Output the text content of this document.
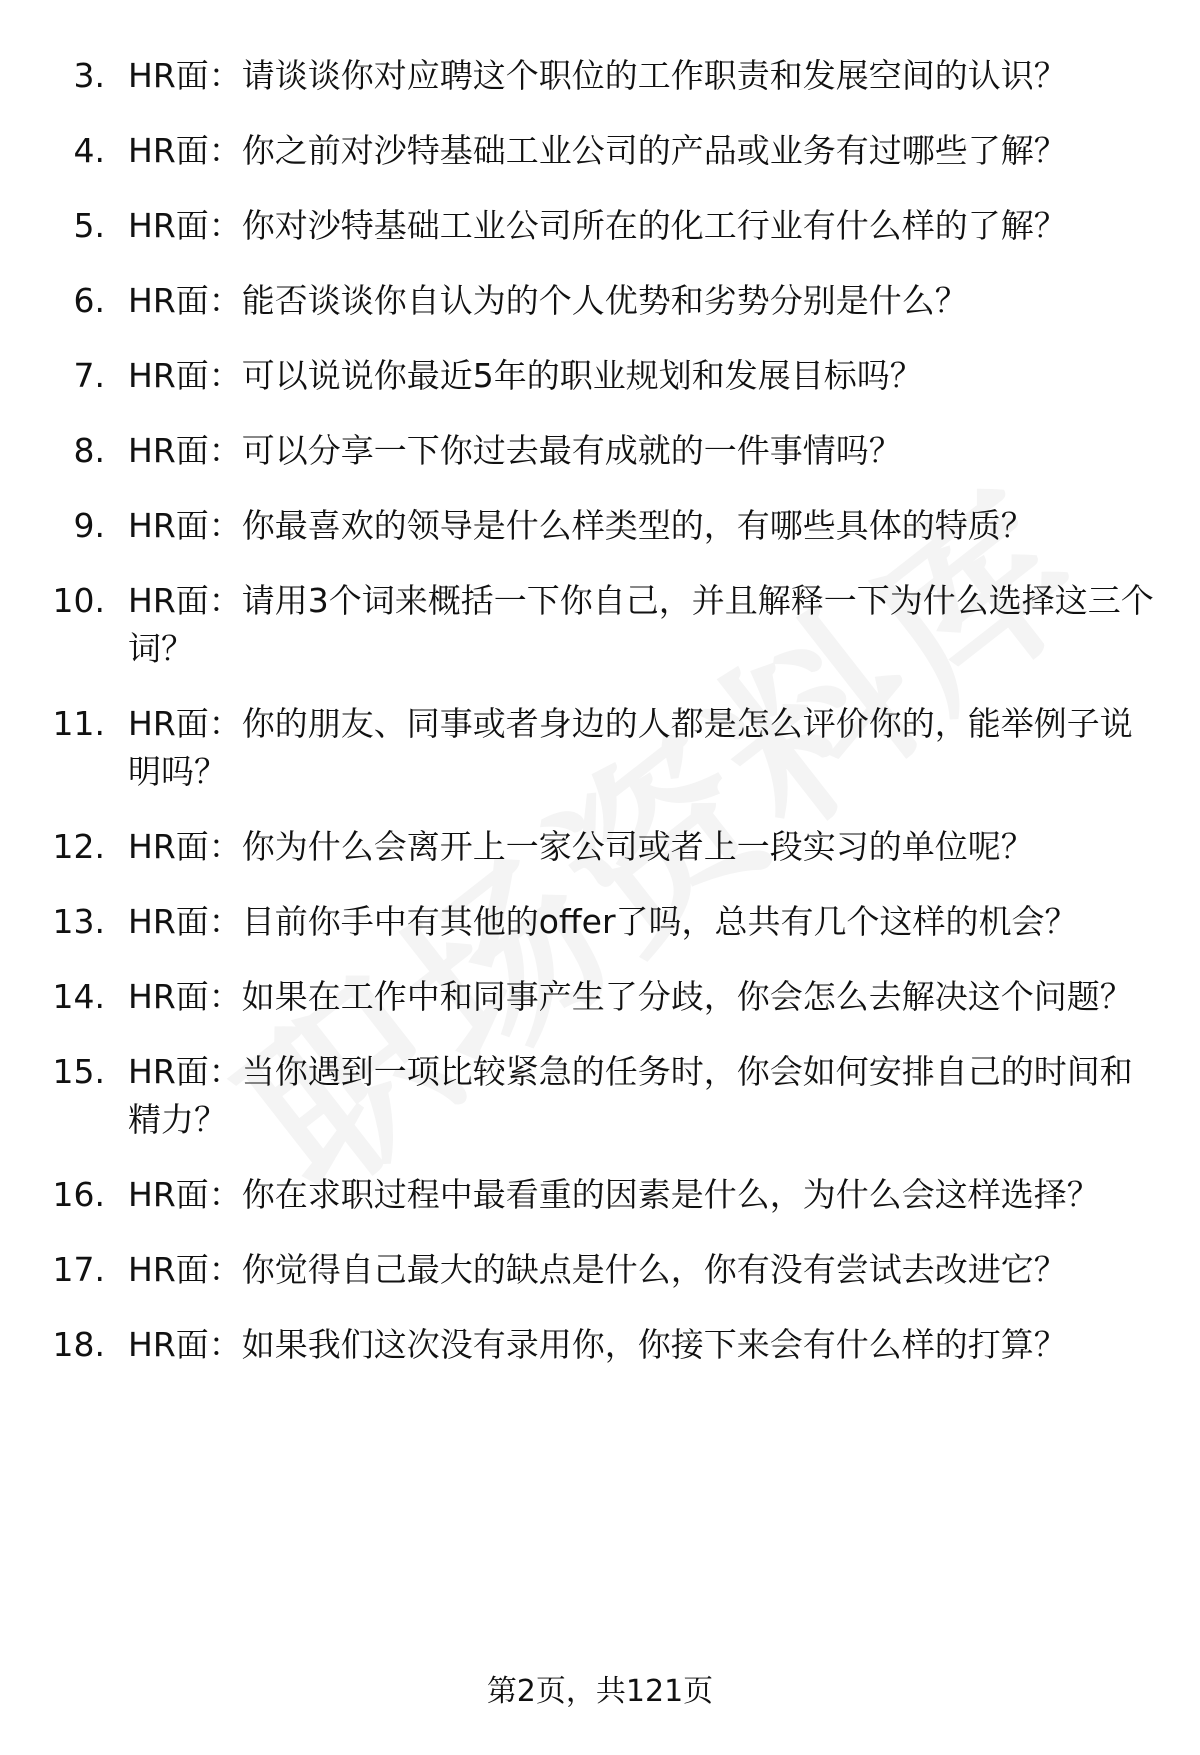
3. HR面：请谈谈你对应聘这个职位的工作职责和发展空间的认识？
4. HR面：你之前对沙特基础工业公司的产品或业务有过哪些了解？
5. HR面：你对沙特基础工业公司所在的化工行业有什么样的了解？
6. HR面：能否谈谈你自认为的个人优势和劣势分别是什么？
7. HR面：可以说说你最近5年的职业规划和发展目标吗？
8. HR面：可以分享一下你过去最有成就的一件事情吗？
9. HR面：你最喜欢的领导是什么样类型的，有哪些具体的特质？
10. HR面：请用3个词来概括一下你自己，并且解释一下为什么选择这三个词？
11. HR面：你的朋友、同事或者身边的人都是怎么评价你的，能举例子说明吗？
12. HR面：你为什么会离开上一家公司或者上一段实习的单位呢？
13. HR面：目前你手中有其他的offer了吗，总共有几个这样的机会？
14. HR面：如果在工作中和同事产生了分歧，你会怎么去解决这个问题？
15. HR面：当你遇到一项比较紧急的任务时，你会如何安排自己的时间和精力？
16. HR面：你在求职过程中最看重的因素是什么，为什么会这样选择？
17. HR面：你觉得自己最大的缺点是什么，你有没有尝试去改进它？
18. HR面：如果我们这次没有录用你，你接下来会有什么样的打算？
第2页，共121页
